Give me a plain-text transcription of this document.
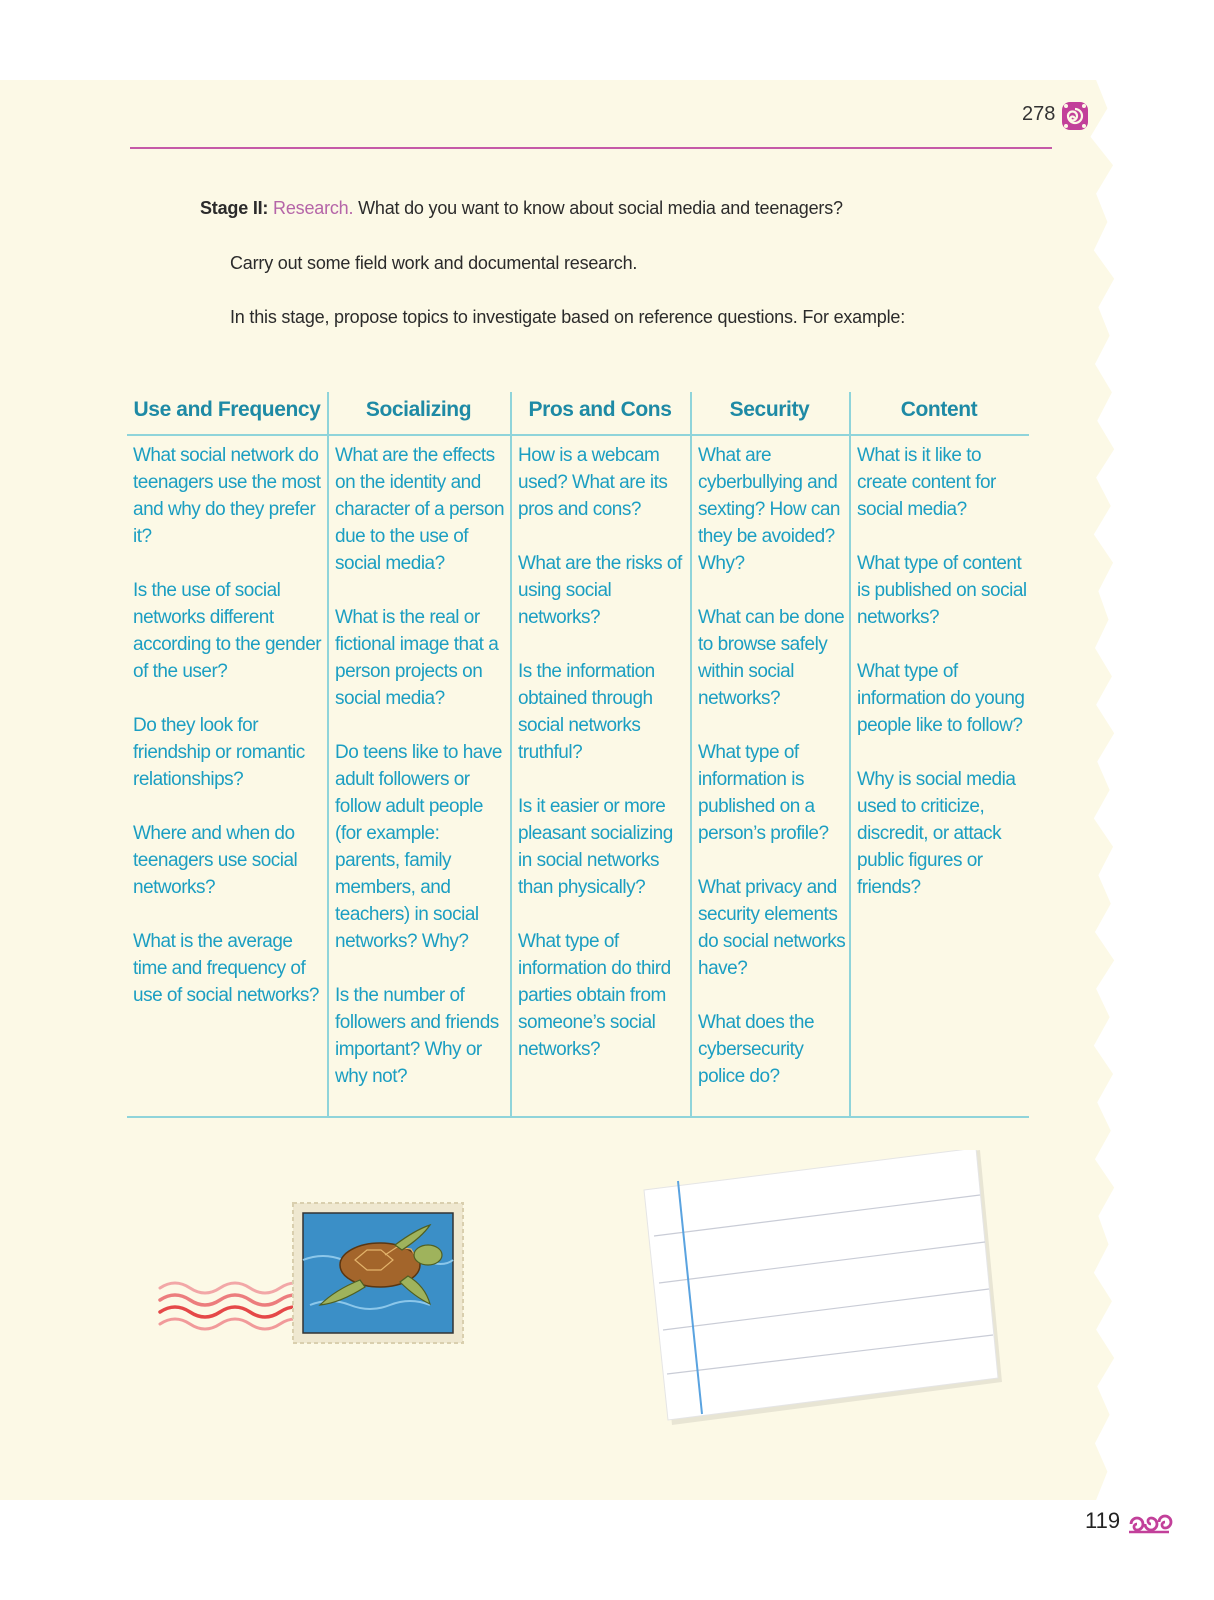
278
Stage II: Research. What do you want to know about social media and teenagers?
Carry out some field work and documental research.
In this stage, propose topics to investigate based on reference questions. For example:
Use and Frequency

What social network do teenagers use the most and why do they prefer it?

Is the use of social networks different according to the gender of the user?

Do they look for friendship or romantic relationships?

Where and when do teenagers use social networks?

What is the average time and frequency of use of social networks?

Socializing

What are the effects on the identity and character of a person due to the use of social media?

What is the real or fictional image that a person projects on social media?

Do teens like to have adult followers or follow adult people (for example: parents, family members, and teachers) in social networks? Why?

Is the number of followers and friends important? Why or why not?

Pros and Cons

How is a webcam used? What are its pros and cons?

What are the risks of using social networks?

Is the information obtained through social networks truthful?

Is it easier or more pleasant socializing in social networks than physically?

What type of information do third parties obtain from someone’s social networks?

Security

What are cyberbullying and sexting? How can they be avoided? Why?

What can be done to browse safely within social networks?

What type of information is published on a person’s profile?

What privacy and security elements do social networks have?

What does the cybersecurity police do?

Content

What is it like to create content for social media?

What type of content is published on social networks?

What type of information do young people like to follow?

Why is social media used to criticize, discredit, or attack public figures or friends?

119
